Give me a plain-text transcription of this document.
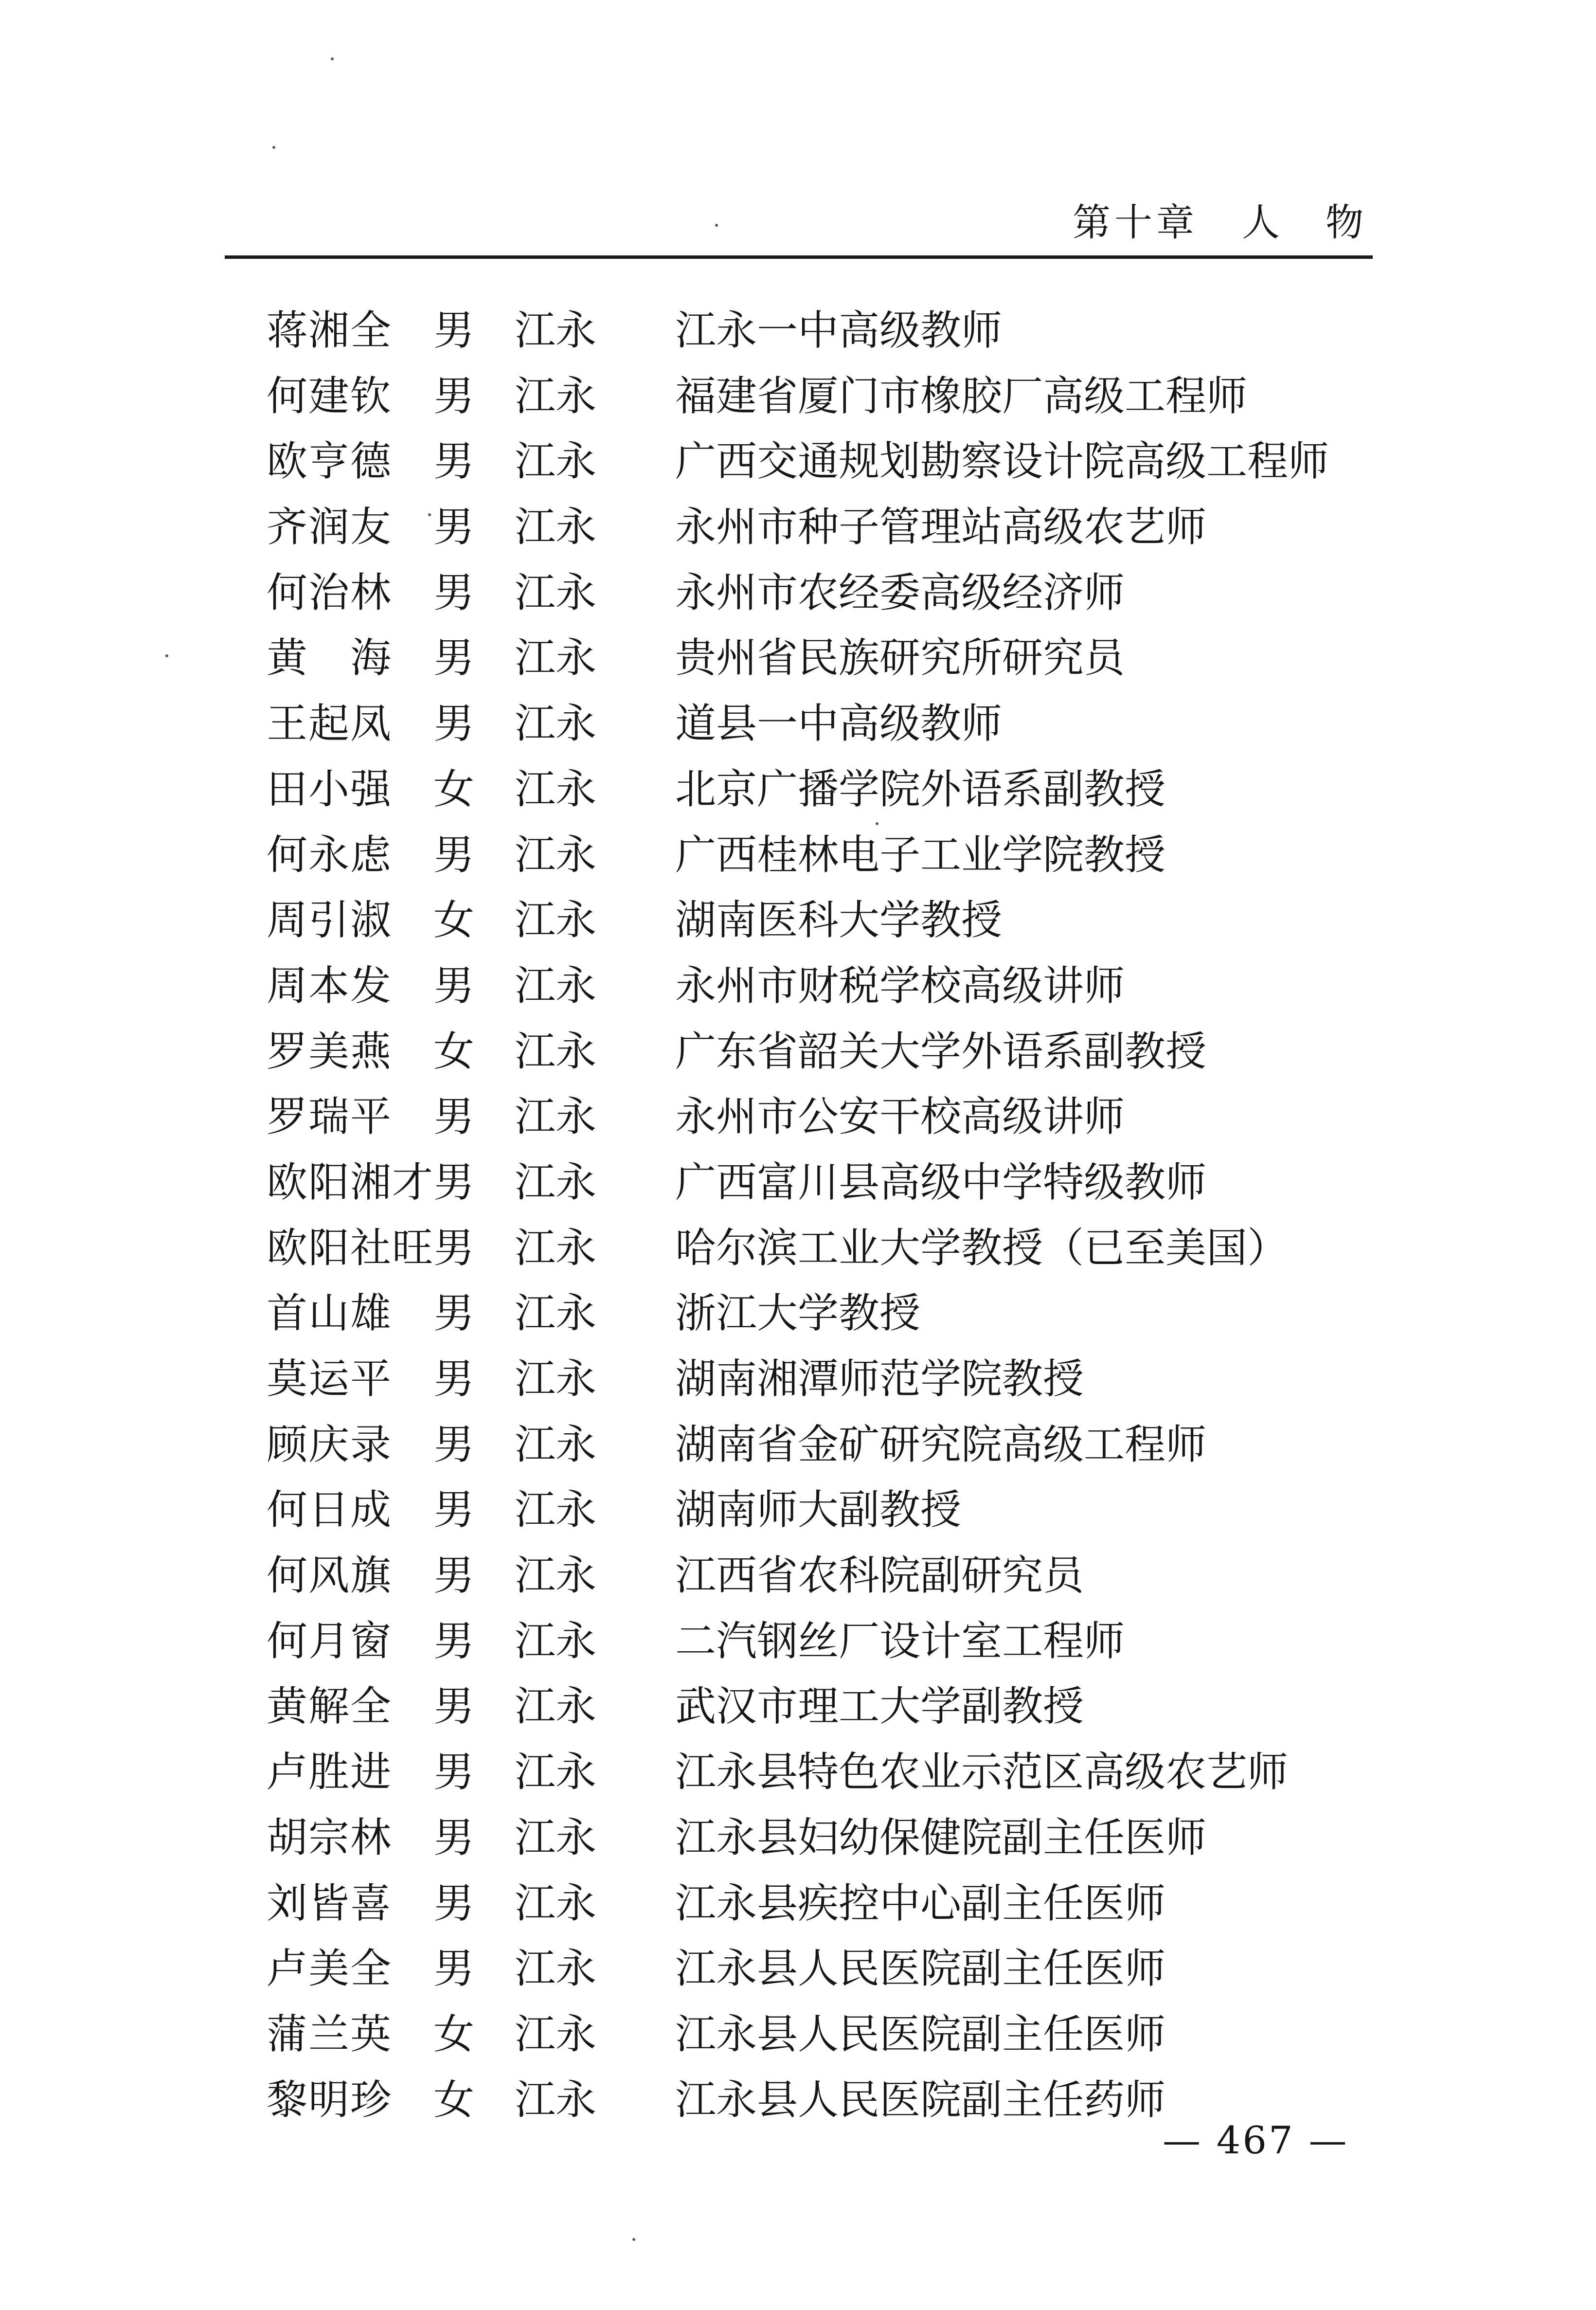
第十章 人　物
蒋湘全 男 江永 江永一中高级教师
何建钦 男 江永 福建省厦门市橡胶厂高级工程师
欧亨德 男 江永 广西交通规划勘察设计院高级工程师
齐润友 男 江永 永州市种子管理站高级农艺师
何治林 男 江永 永州市农经委高级经济师
黄　海 男 江永 贵州省民族研究所研究员
王起凤 男 江永 道县一中高级教师
田小强 女 江永 北京广播学院外语系副教授
何永虑 男 江永 广西桂林电子工业学院教授
周引淑 女 江永 湖南医科大学教授
周本发 男 江永 永州市财税学校高级讲师
罗美燕 女 江永 广东省韶关大学外语系副教授
罗瑞平 男 江永 永州市公安干校高级讲师
欧阳湘才男 江永 广西富川县高级中学特级教师
欧阳社旺男 江永 哈尔滨工业大学教授（已至美国）
首山雄 男 江永 浙江大学教授
莫运平 男 江永 湖南湘潭师范学院教授
顾庆录 男 江永 湖南省金矿研究院高级工程师
何日成 男 江永 湖南师大副教授
何风旗 男 江永 江西省农科院副研究员
何月窗 男 江永 二汽钢丝厂设计室工程师
黄解全 男 江永 武汉市理工大学副教授
卢胜进 男 江永 江永县特色农业示范区高级农艺师
胡宗林 男 江永 江永县妇幼保健院副主任医师
刘皆喜 男 江永 江永县疾控中心副主任医师
卢美全 男 江永 江永县人民医院副主任医师
蒲兰英 女 江永 江永县人民医院副主任医师
黎明珍 女 江永 江永县人民医院副主任药师
— 467 —
